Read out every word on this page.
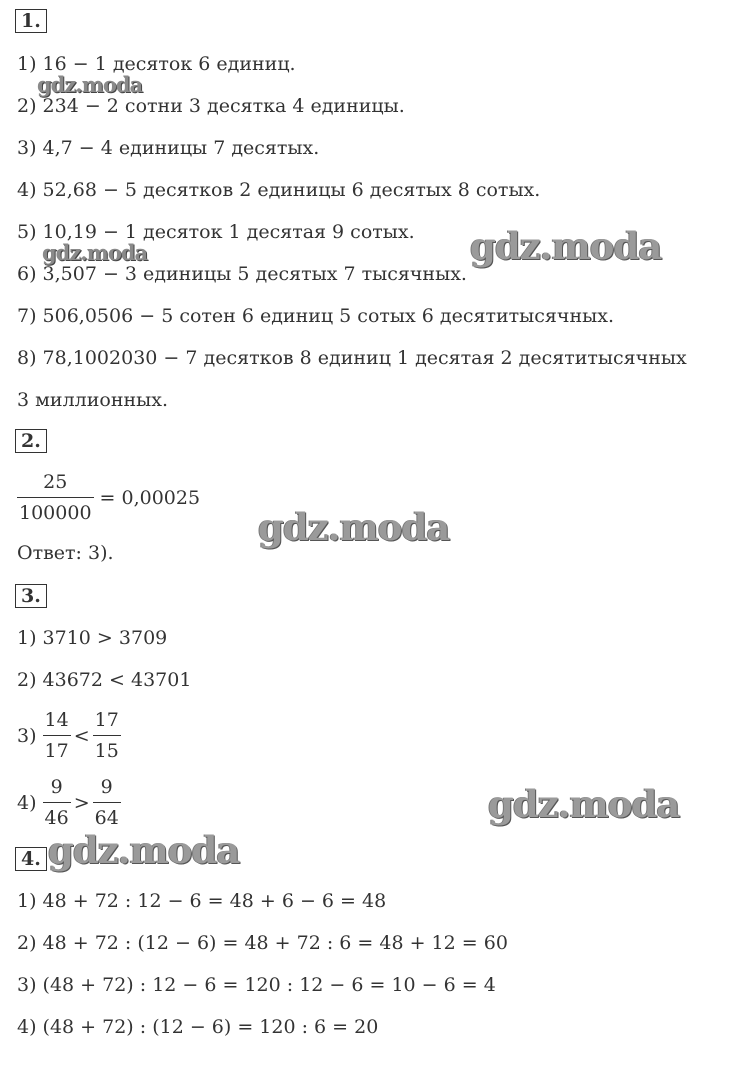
1.
1) 16 − 1 десяток 6 единиц.
2) 234 − 2 сотни 3 десятка 4 единицы.
3) 4,7 − 4 единицы 7 десятых.
4) 52,68 − 5 десятков 2 единицы 6 десятых 8 сотых.
5) 10,19 − 1 десяток 1 десятая 9 сотых.
6) 3,507 − 3 единицы 5 десятых 7 тысячных.
7) 506,0506 − 5 сотен 6 единиц 5 сотых 6 десятитысячных.
8) 78,1002030 − 7 десятков 8 единиц 1 десятая 2 десятитысячных
3 миллионных.
2.
$\frac{25}{100000} = 0,00025$
Ответ: 3).
3.
1) 3710 > 3709
2) 43672 < 43701
$3) \frac{14}{17} < \frac{17}{15}$
$4) \frac{9}{46} > \frac{9}{64}$
4.
1) 48 + 72 : 12 − 6 = 48 + 6 − 6 = 48
2) 48 + 72 : (12 − 6) = 48 + 72 : 6 = 48 + 12 = 60
3) (48 + 72) : 12 − 6 = 120 : 12 − 6 = 10 − 6 = 4
4) (48 + 72) : (12 − 6) = 120 : 6 = 20
gdz.moda
gdz.moda	gdz.moda
gdz.moda
gdz.moda
gdz.moda
